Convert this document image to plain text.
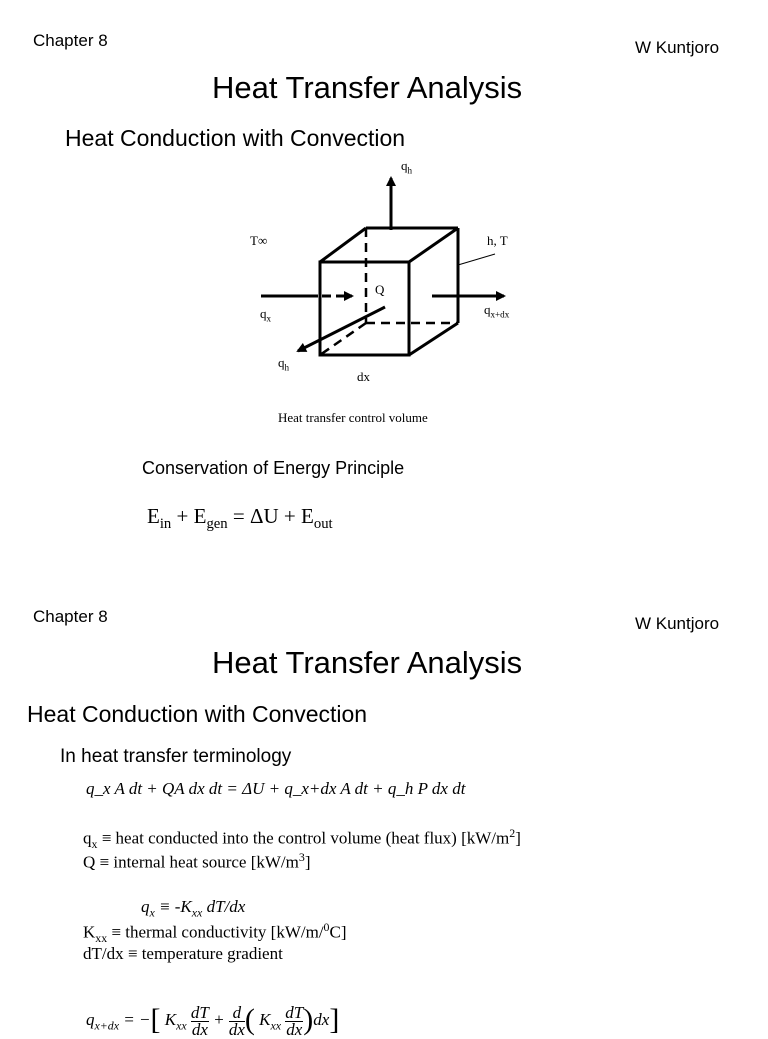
Chapter 8	W Kuntjoro
Heat Transfer Analysis
Heat Conduction with Convection
$q_h$
T∞	h, T
Q
$q_x$
$q_{x+dx}$
$q_h$
dx
Heat transfer control volume
Conservation of Energy Principle
$E_{in} + E_{gen} = \Delta U + E_{out}$
Chapter 8	W Kuntjoro
Heat Transfer Analysis
Heat Conduction with Convection
In heat transfer terminology
q_x A dt + QA dx dt = ΔU + q_x+dx A dt + q_h P dx dt
$q_x$ ≡ heat conducted into the control volume (heat flux) $[kW/m^2]$
Q ≡ internal heat source $[kW/m^3]$
$q_x \equiv -K_{xx}$ dT/dx
$K_{xx}$ ≡ thermal conductivity [kW/m/$^0$C]
dT/dx ≡ temperature gradient
$q_{x+dx}$ = −[ $K_{xx} \frac{dT}{dx} + \frac{d}{dx}$ ( $K_{xx} \frac{dT}{dx} )dx$]
